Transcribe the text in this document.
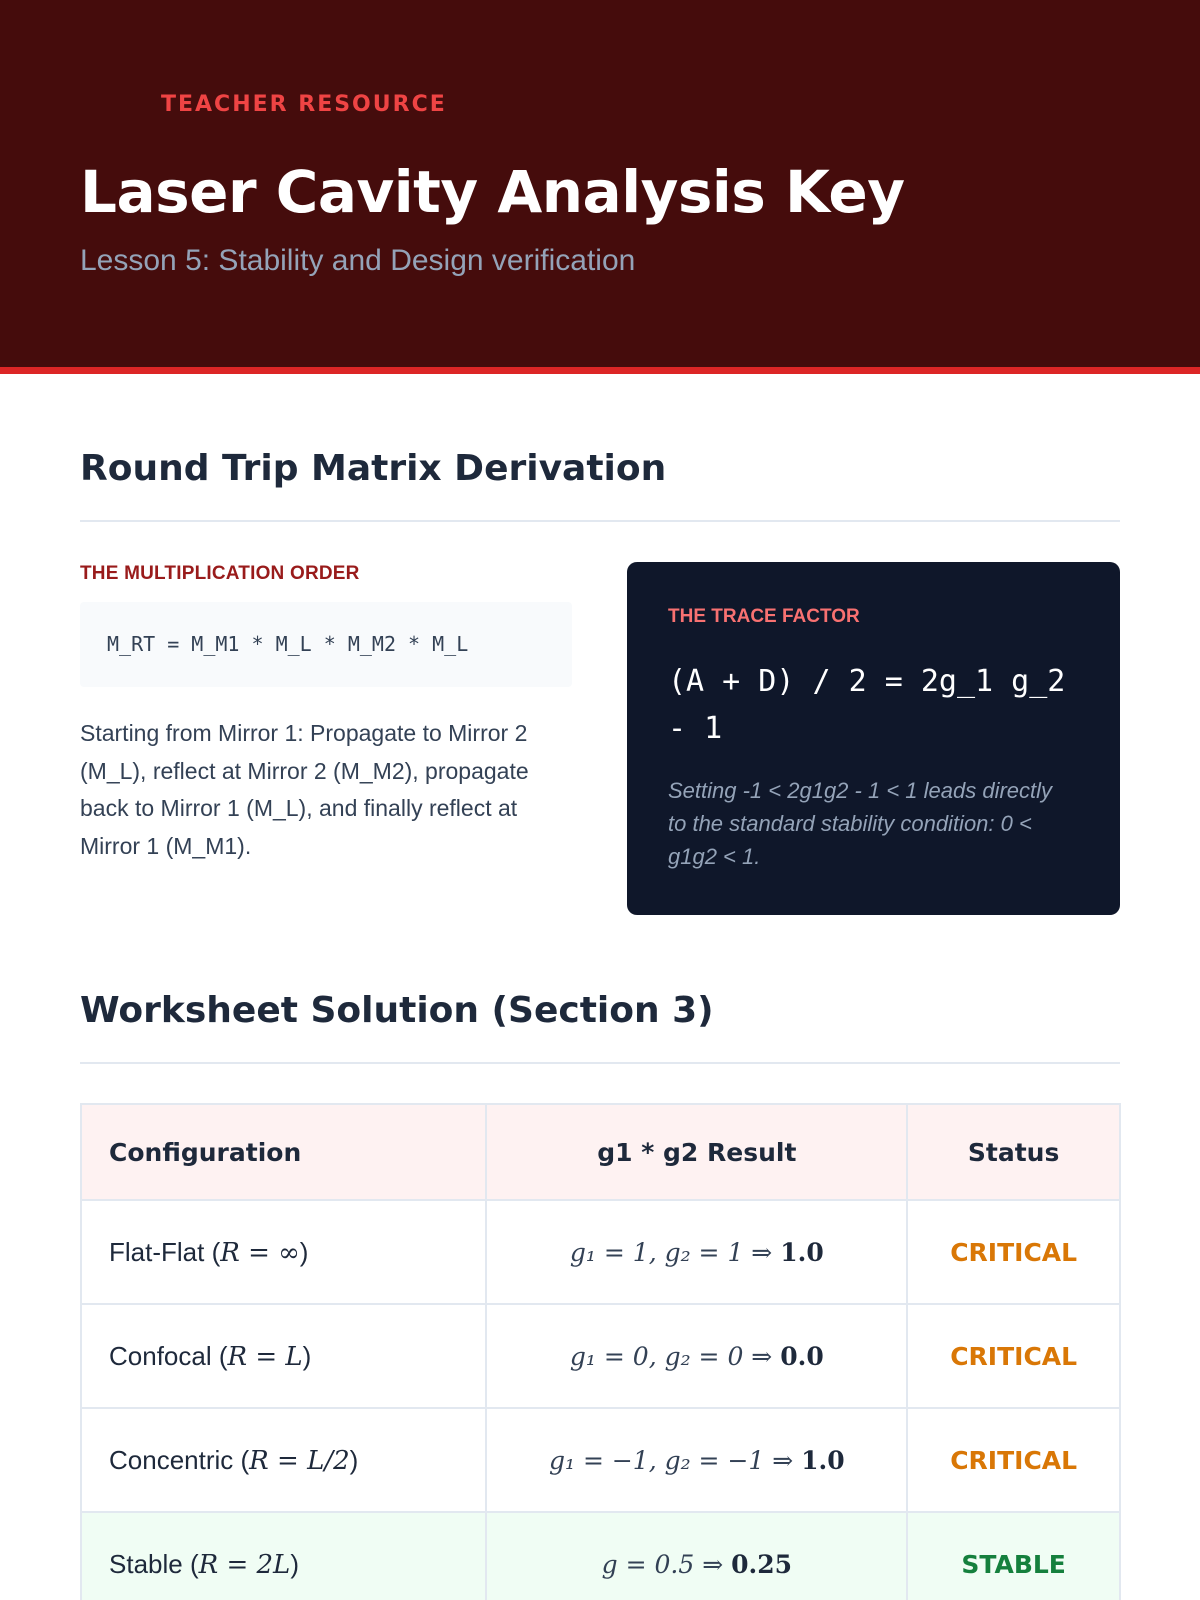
TEACHER RESOURCE
Laser Cavity Analysis Key
Lesson 5: Stability and Design verification
Round Trip Matrix Derivation
THE MULTIPLICATION ORDER
M_RT = M_M1 * M_L * M_M2 * M_L

Starting from Mirror 1: Propagate to Mirror 2 (M_L), reflect at Mirror 2 (M_M2), propagate back to Mirror 1 (M_L), and finally reflect at Mirror 1 (M_M1).

THE TRACE FACTOR
(A + D) / 2 = 2g_1 g_2 - 1
Setting -1 < 2g1g2 - 1 < 1 leads directly to the standard stability condition: 0 < g1g2 < 1.
Worksheet Solution (Section 3)
Configuration	g1 * g2 Result	Status
Flat-Flat (R = ∞)	g₁ = 1, g₂ = 1 ⇒ 1.0	CRITICAL
Confocal (R = L)	g₁ = 0, g₂ = 0 ⇒ 0.0	CRITICAL
Concentric (R = L/2)	g₁ = −1, g₂ = −1 ⇒ 1.0	CRITICAL
Stable (R = 2L)	g = 0.5 ⇒ 0.25	STABLE
